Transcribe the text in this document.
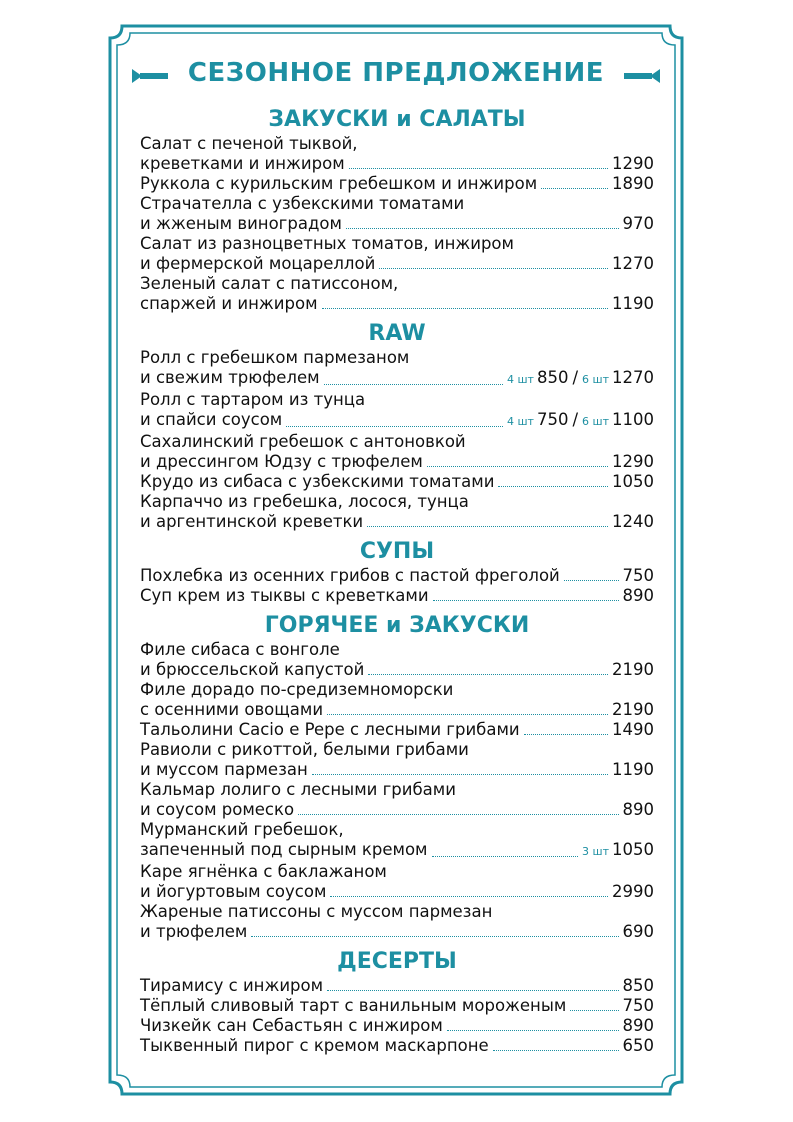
СЕЗОННОЕ ПРЕДЛОЖЕНИЕ
ЗАКУСКИ и САЛАТЫ
Салат с печеной тыквой,
креветками и инжиром	1290
Руккола с курильским гребешком и инжиром	1890
Страчателла с узбекскими томатами
и жженым виноградом	970
Салат из разноцветных томатов, инжиром
и фермерской моцареллой	1270
Зеленый салат с патиссоном,
спаржей и инжиром	1190
RAW
Ролл с гребешком пармезаном
и свежим трюфелем	4 шт 850 / 6 шт 1270
Ролл с тартаром из тунца
и спайси соусом	4 шт 750 / 6 шт 1100
Сахалинский гребешок с антоновкой
и дрессингом Юдзу с трюфелем	1290
Крудо из сибаса с узбекскими томатами	1050
Карпаччо из гребешка, лосося, тунца
и аргентинской креветки	1240
СУПЫ
Похлебка из осенних грибов с пастой фреголой	750
Суп крем из тыквы с креветками	890
ГОРЯЧЕЕ и ЗАКУСКИ
Филе сибаса с вонголе
и брюссельской капустой	2190
Филе дорадо по-средиземноморски
с осенними овощами	2190
Тальолини Cacio e Pepe с лесными грибами	1490
Равиоли с рикоттой, белыми грибами
и муссом пармезан	1190
Кальмар лолиго с лесными грибами
и соусом ромеско	890
Мурманский гребешок,
запеченный под сырным кремом	3 шт 1050
Каре ягнёнка с баклажаном
и йогуртовым соусом	2990
Жареные патиссоны с муссом пармезан
и трюфелем	690
ДЕСЕРТЫ
Тирамису с инжиром	850
Тёплый сливовый тарт с ванильным мороженым	750
Чизкейк сан Себастьян с инжиром	890
Тыквенный пирог с кремом маскарпоне	650
